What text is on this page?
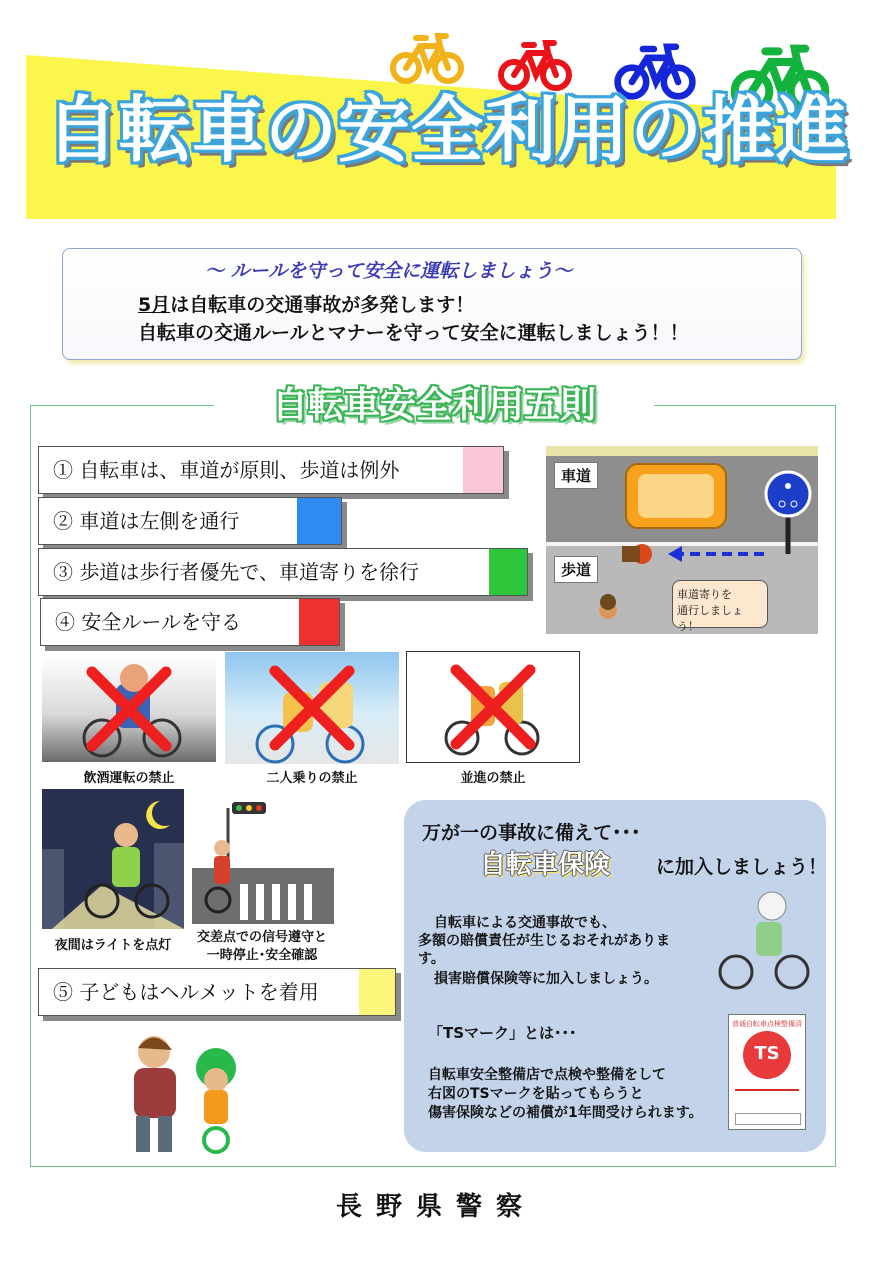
自転車の安全利用の推進
～ ルールを守って安全に運転しましょう～
5月は自転車の交通事故が多発します！
自転車の交通ルールとマナーを守って安全に運転しましょう！！
自転車安全利用五則
① 自転車は、車道が原則、歩道は例外
② 車道は左側を通行
③ 歩道は歩行者優先で、車道寄りを徐行
④ 安全ルールを守る
車道
歩道
車道寄りを
通行しましょう！
飲酒運転の禁止	二人乗りの禁止	並進の禁止
夜間はライトを点灯
交差点での信号遵守と
一時停止･安全確認
⑤ 子どもはヘルメットを着用
万が一の事故に備えて･･･
自転車保険 に加入しましょう！
自転車による交通事故でも、
多額の賠償責任が生じるおそれがありま
す。
損害賠償保険等に加入しましょう。
「TSマーク」とは･･･
自転車安全整備店で点検や整備をして
右図のTSマークを貼ってもらうと
傷害保険などの補償が1年間受けられます。
普通自転車点検整備済
TS
長野県警察
